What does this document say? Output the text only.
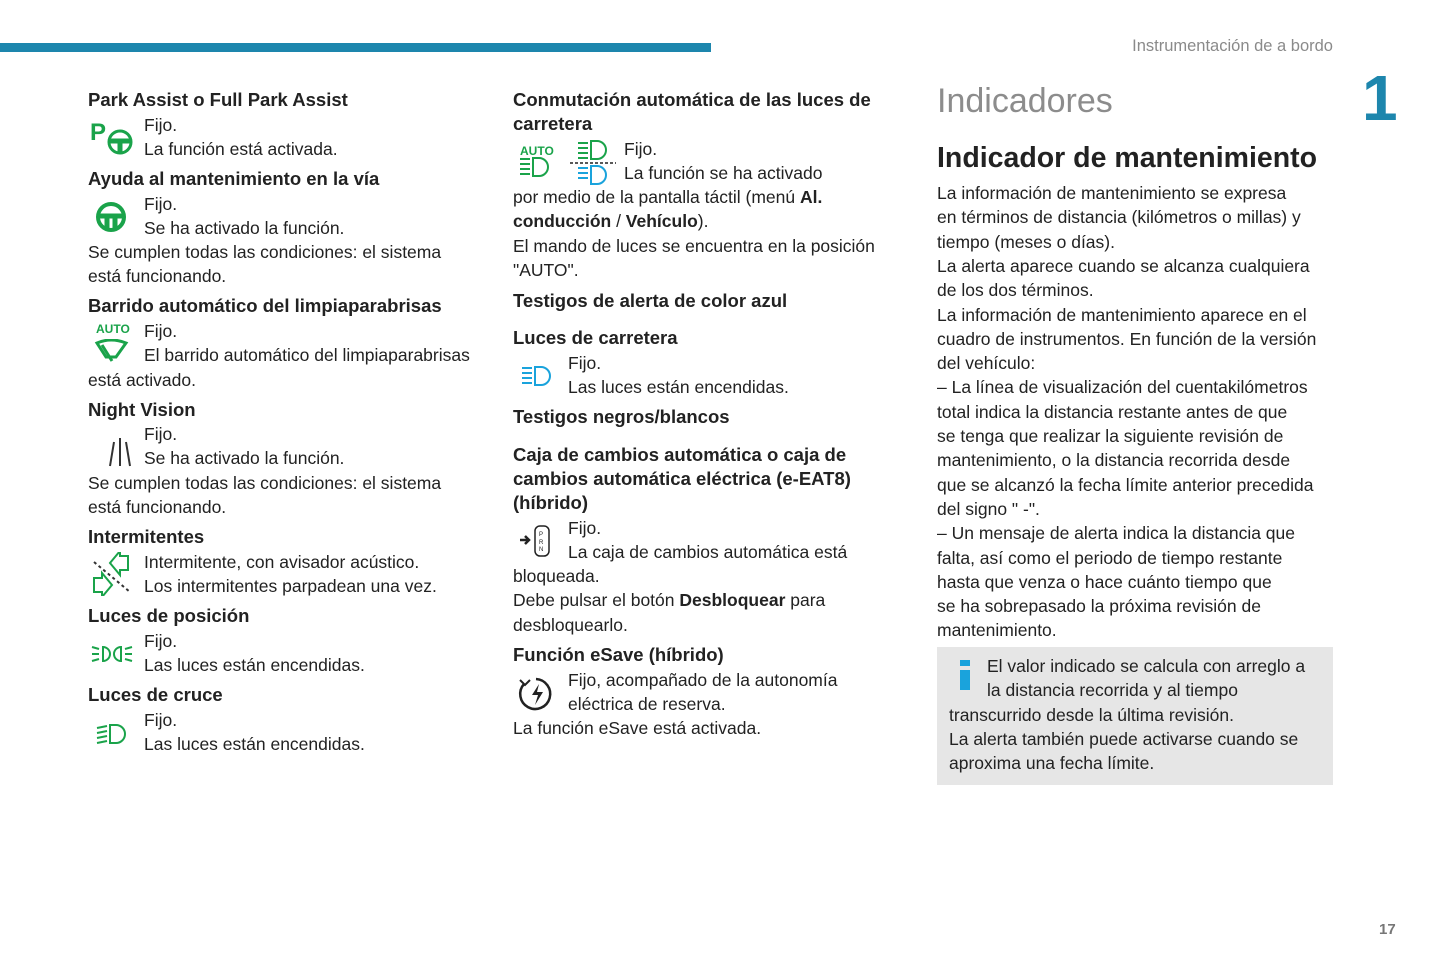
Instrumentación de a bordo
1
17
Park Assist o Full Park Assist
P Fijo.
La función está activada.
Ayuda al mantenimiento en la vía
Fijo.
Se ha activado la función.
Se cumplen todas las condiciones: el sistema
está funcionando.
Barrido automático del limpiaparabrisas
AUTO Fijo.
El barrido automático del limpiaparabrisas
está activado.
Night Vision
Fijo.
Se ha activado la función.
Se cumplen todas las condiciones: el sistema
está funcionando.
Intermitentes
Intermitente, con avisador acústico.
Los intermitentes parpadean una vez.
Luces de posición
Fijo.
Las luces están encendidas.
Luces de cruce
Fijo.
Las luces están encendidas.
Conmutación automática de las luces de
carretera
AUTO	Fijo.
La función se ha activado
por medio de la pantalla táctil (menú Al.
conducción / Vehículo).
El mando de luces se encuentra en la posición
"AUTO".
Testigos de alerta de color azul
Luces de carretera
Fijo.
Las luces están encendidas.
Testigos negros/blancos
Caja de cambios automática o caja de
cambios automática eléctrica (e-EAT8)
(híbrido)
P
R
N
Fijo.
La caja de cambios automática está
bloqueada.
Debe pulsar el botón Desbloquear para
desbloquearlo.
Función eSave (híbrido)
Fijo, acompañado de la autonomía
eléctrica de reserva.
La función eSave está activada.
Indicadores
Indicador de mantenimiento
La información de mantenimiento se expresa
en términos de distancia (kilómetros o millas) y
tiempo (meses o días).
La alerta aparece cuando se alcanza cualquiera
de los dos términos.
La información de mantenimiento aparece en el
cuadro de instrumentos. En función de la versión
del vehículo:
– La línea de visualización del cuentakilómetros
total indica la distancia restante antes de que
se tenga que realizar la siguiente revisión de
mantenimiento, o la distancia recorrida desde
que se alcanzó la fecha límite anterior precedida
del signo " -".
– Un mensaje de alerta indica la distancia que
falta, así como el periodo de tiempo restante
hasta que venza o hace cuánto tiempo que
se ha sobrepasado la próxima revisión de
mantenimiento.
El valor indicado se calcula con arreglo a
la distancia recorrida y al tiempo
transcurrido desde la última revisión.
La alerta también puede activarse cuando se
aproxima una fecha límite.
